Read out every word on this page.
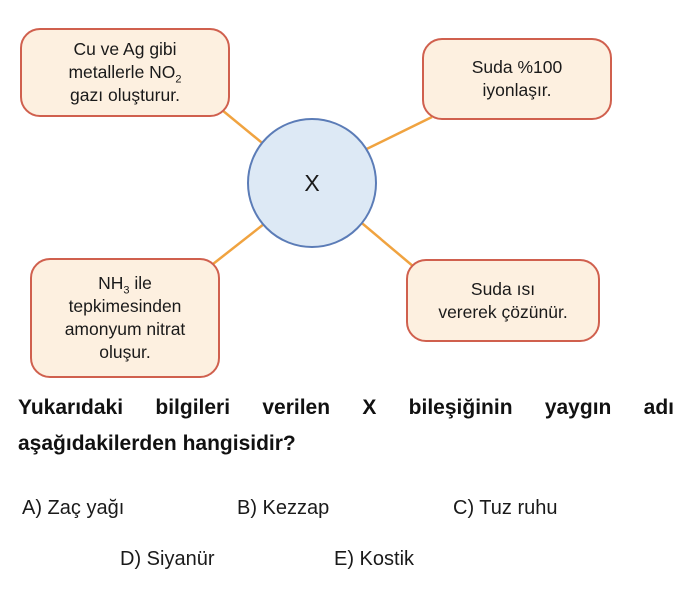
Cu ve Ag gibi
metallerle $NO_2$
gazı oluşturur.
Suda %100
iyonlaşır.
X
$NH_3$ ile
tepkimesinden
amonyum nitrat
oluşur.
Suda ısı
vererek çözünür.
Yukarıdaki bilgileri verilen X bileşiğinin yaygın adı
aşağıdakilerden hangisidir?
A) Zaç yağı	B) Kezzap	C) Tuz ruhu
D) Siyanür	E) Kostik
